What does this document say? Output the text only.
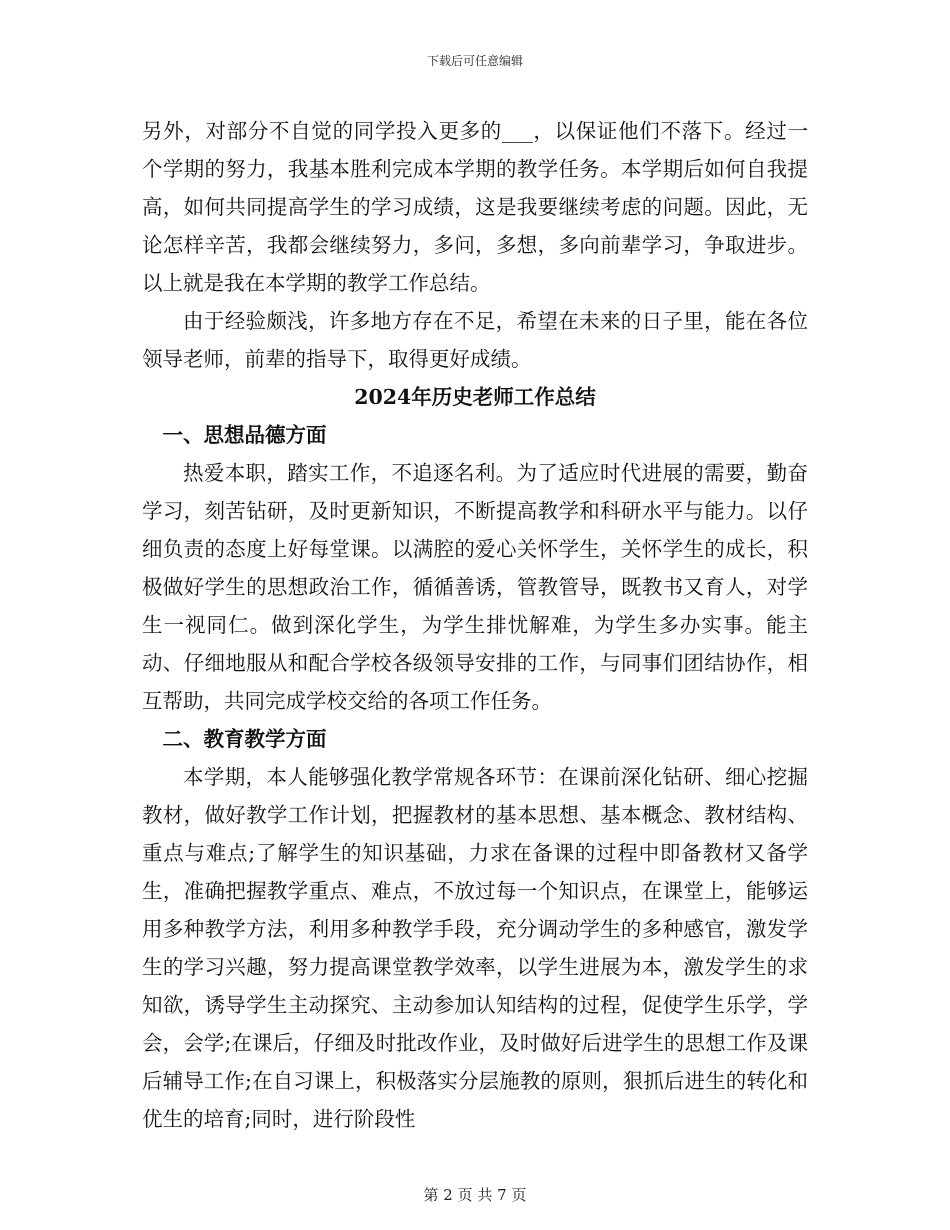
下载后可任意编辑

另外，对部分不自觉的同学投入更多的___，以保证他们不落下。经过一个学期的努力，我基本胜利完成本学期的教学任务。本学期后如何自我提高，如何共同提高学生的学习成绩，这是我要继续考虑的问题。因此，无论怎样辛苦，我都会继续努力，多问，多想，多向前辈学习，争取进步。以上就是我在本学期的教学工作总结。

由于经验颇浅，许多地方存在不足，希望在未来的日子里，能在各位领导老师，前辈的指导下，取得更好成绩。

2024年历史老师工作总结

一、思想品德方面

热爱本职，踏实工作，不追逐名利。为了适应时代进展的需要，勤奋学习，刻苦钻研，及时更新知识，不断提高教学和科研水平与能力。以仔细负责的态度上好每堂课。以满腔的爱心关怀学生，关怀学生的成长，积极做好学生的思想政治工作，循循善诱，管教管导，既教书又育人，对学生一视同仁。做到深化学生，为学生排忧解难，为学生多办实事。能主动、仔细地服从和配合学校各级领导安排的工作，与同事们团结协作，相互帮助，共同完成学校交给的各项工作任务。

二、教育教学方面

本学期，本人能够强化教学常规各环节：在课前深化钻研、细心挖掘教材，做好教学工作计划，把握教材的基本思想、基本概念、教材结构、重点与难点;了解学生的知识基础，力求在备课的过程中即备教材又备学生，准确把握教学重点、难点，不放过每一个知识点，在课堂上，能够运用多种教学方法，利用多种教学手段，充分调动学生的多种感官，激发学生的学习兴趣，努力提高课堂教学效率，以学生进展为本，激发学生的求知欲，诱导学生主动探究、主动参加认知结构的过程，促使学生乐学，学会，会学;在课后，仔细及时批改作业，及时做好后进学生的思想工作及课后辅导工作;在自习课上，积极落实分层施教的原则，狠抓后进生的转化和优生的培育;同时，进行阶段性

第 2 页 共 7 页
